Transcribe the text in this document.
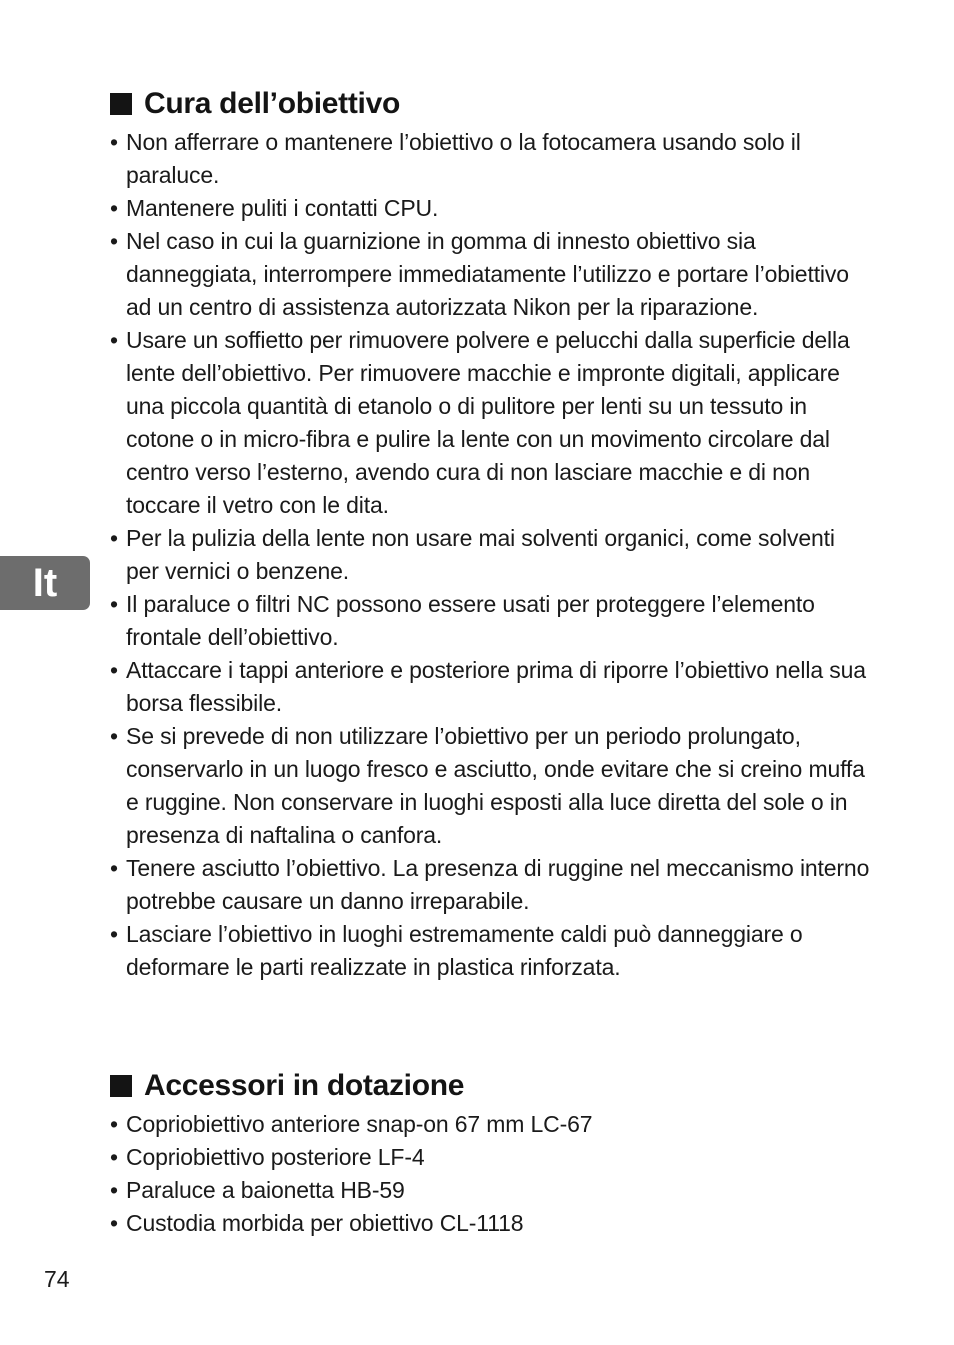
Cura dell’obiettivo
• Non afferrare o mantenere l’obiettivo o la fotocamera usando solo il paraluce.
• Mantenere puliti i contatti CPU.
• Nel caso in cui la guarnizione in gomma di innesto obiettivo sia danneggiata, interrompere immediatamente l’utilizzo e portare l’obiettivo ad un centro di assistenza autorizzata Nikon per la riparazione.
• Usare un soffietto per rimuovere polvere e pelucchi dalla superficie della lente dell’obiettivo. Per rimuovere macchie e impronte digitali, applicare una piccola quantità di etanolo o di pulitore per lenti su un tessuto in cotone o in micro-fibra e pulire la lente con un movimento circolare dal centro verso l’esterno, avendo cura di non lasciare macchie e di non toccare il vetro con le dita.
• Per la pulizia della lente non usare mai solventi organici, come solventi per vernici o benzene.
• Il paraluce o filtri NC possono essere usati per proteggere l’elemento frontale dell’obiettivo.
• Attaccare i tappi anteriore e posteriore prima di riporre l’obiettivo nella sua borsa flessibile.
• Se si prevede di non utilizzare l’obiettivo per un periodo prolungato, conservarlo in un luogo fresco e asciutto, onde evitare che si creino muffa e ruggine. Non conservare in luoghi esposti alla luce diretta del sole o in presenza di naftalina o canfora.
• Tenere asciutto l’obiettivo. La presenza di ruggine nel meccanismo interno potrebbe causare un danno irreparabile.
• Lasciare l’obiettivo in luoghi estremamente caldi può danneggiare o deformare le parti realizzate in plastica rinforzata.
Accessori in dotazione
• Copriobiettivo anteriore snap-on 67 mm LC-67
• Copriobiettivo posteriore LF-4
• Paraluce a baionetta HB-59
• Custodia morbida per obiettivo CL-1118
It
74
